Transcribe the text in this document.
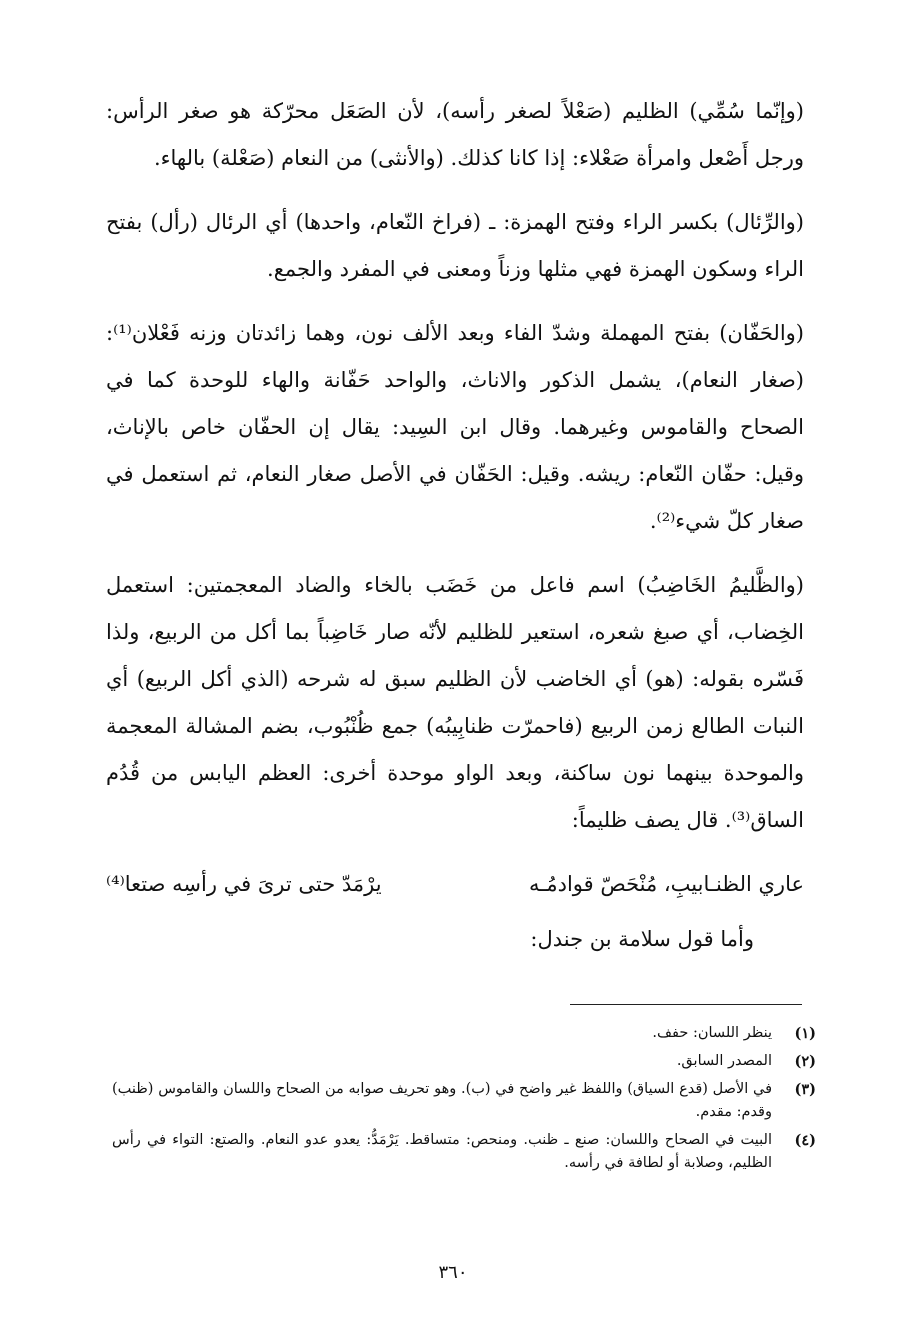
(وإنّما سُمِّي) الظليم (صَعْلاً لصغر رأسه)، لأن الصَعَل محرّكة هو صغر الرأس: ورجل أَصْعل وامرأة صَعْلاء: إذا كانا كذلك. (والأنثى) من النعام (صَعْلة) بالهاء.

(والرِّئال) بكسر الراء وفتح الهمزة: ـ (فراخ النّعام، واحدها) أي الرئال (رأل) بفتح الراء وسكون الهمزة فهي مثلها وزناً ومعنى في المفرد والجمع.

(والحَفّان) بفتح المهملة وشدّ الفاء وبعد الألف نون، وهما زائدتان وزنه فَعْلان⁽¹⁾: (صغار النعام)، يشمل الذكور والاناث، والواحد حَفّانة والهاء للوحدة كما في الصحاح والقاموس وغيرهما. وقال ابن السِيد: يقال إن الحفّان خاص بالإناث، وقيل: حفّان النّعام: ريشه. وقيل: الحَفّان في الأصل صغار النعام، ثم استعمل في صغار كلّ شيء⁽²⁾.

(والظَّليمُ الخَاضِبُ) اسم فاعل من خَضَب بالخاء والضاد المعجمتين: استعمل الخِضاب، أي صبغ شعره، استعير للظليم لأنّه صار خَاضِباً بما أكل من الربيع، ولذا فَسّره بقوله: (هو) أي الخاضب لأن الظليم سبق له شرحه (الذي أكل الربيع) أي النبات الطالع زمن الربيع (فاحمرّت ظنابِيبُه) جمع ظُنْبُوب، بضم المشالة المعجمة والموحدة بينهما نون ساكنة، وبعد الواو موحدة أخرى: العظم اليابس من قُدُم الساق⁽³⁾. قال يصف ظليماً:

عاري الظنـابيبِ، مُنْحَصّ قوادمُـه
يرْمَدّ حتى ترىَ في رأسِه صتعا⁽⁴⁾
وأما قول سلامة بن جندل:
(١)
ينظر اللسان: حفف.
(٢)
المصدر السابق.
(٣)
في الأصل (قدع السياق) واللفظ غير واضح في (ب). وهو تحريف صوابه من الصحاح واللسان والقاموس (ظنب) وقدم: مقدم.
(٤)
البيت في الصحاح واللسان: صنع ـ ظنب. ومنحص: متساقط. يَرْمَدُّ: يعدو عدو النعام. والصتع: التواء في رأس الظليم، وصلابة أو لطافة في رأسه.
٣٦٠
